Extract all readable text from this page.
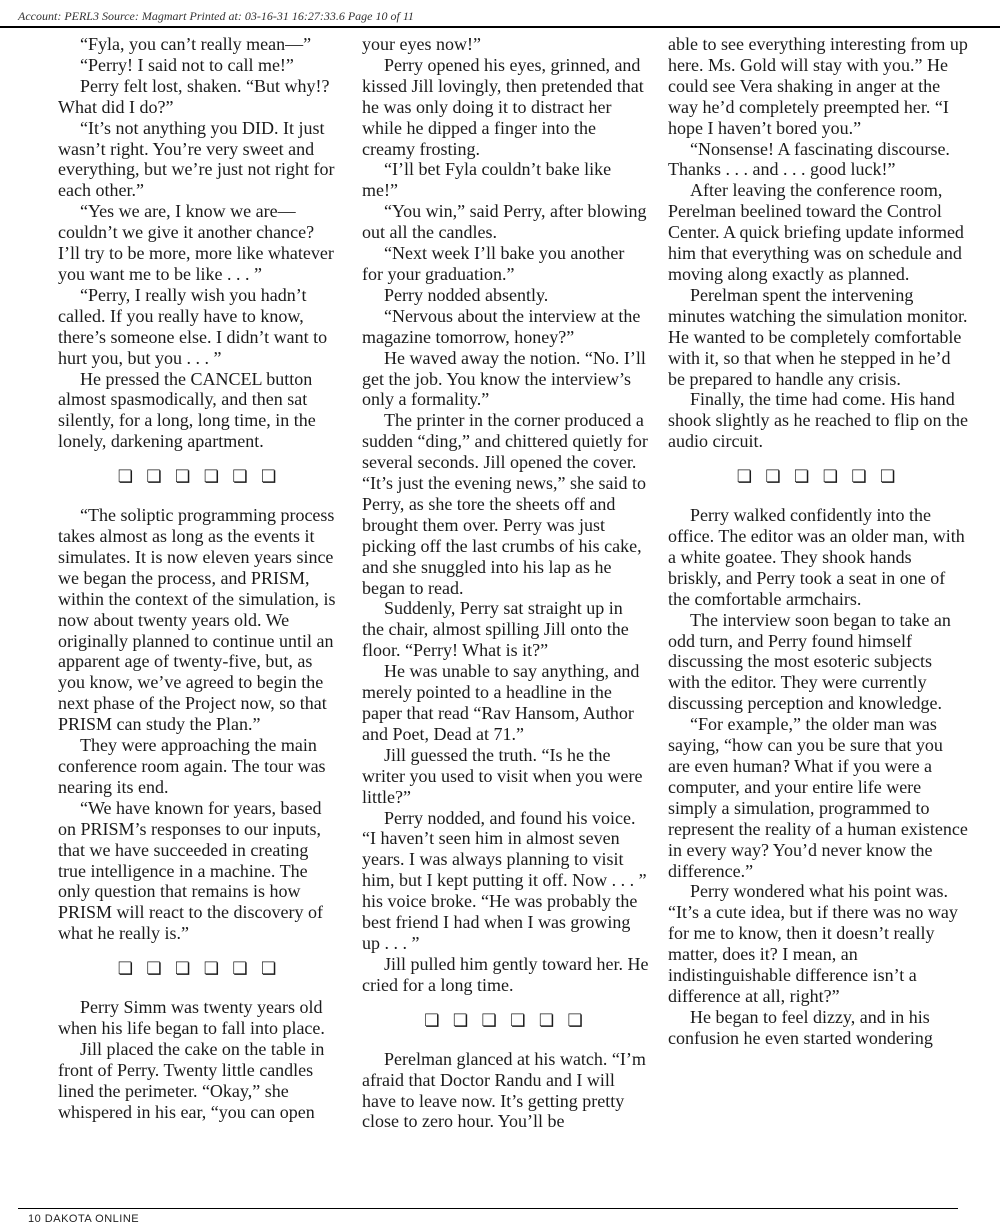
Account: PERL3 Source: Magmart Printed at: 03-16-31 16:27:33.6 Page 10 of 11

“Fyla, you can’t really mean—”

“Perry! I said not to call me!”

Perry felt lost, shaken. “But why!? What did I do?”

“It’s not anything you DID. It just wasn’t right. You’re very sweet and everything, but we’re just not right for each other.”

“Yes we are, I know we are—couldn’t we give it another chance? I’ll try to be more, more like whatever you want me to be like . . . ”

“Perry, I really wish you hadn’t called. If you really have to know, there’s someone else. I didn’t want to hurt you, but you . . . ”

He pressed the CANCEL button almost spasmodically, and then sat silently, for a long, long time, in the lonely, darkening apartment.

❏ ❏ ❏ ❏ ❏ ❏

“The soliptic programming process takes almost as long as the events it simulates. It is now eleven years since we began the process, and PRISM, within the context of the simulation, is now about twenty years old. We originally planned to continue until an apparent age of twenty-five, but, as you know, we’ve agreed to begin the next phase of the Project now, so that PRISM can study the Plan.”

They were approaching the main conference room again. The tour was nearing its end.

“We have known for years, based on PRISM’s responses to our inputs, that we have succeeded in creating true intelligence in a machine. The only question that remains is how PRISM will react to the discovery of what he really is.”

❏ ❏ ❏ ❏ ❏ ❏

Perry Simm was twenty years old when his life began to fall into place.

Jill placed the cake on the table in front of Perry. Twenty little candles lined the perimeter. “Okay,” she whispered in his ear, “you can open

your eyes now!”

Perry opened his eyes, grinned, and kissed Jill lovingly, then pretended that he was only doing it to distract her while he dipped a finger into the creamy frosting.

“I’ll bet Fyla couldn’t bake like me!”

“You win,” said Perry, after blowing out all the candles.

“Next week I’ll bake you another for your graduation.”

Perry nodded absently.

“Nervous about the interview at the magazine tomorrow, honey?”

He waved away the notion. “No. I’ll get the job. You know the interview’s only a formality.”

The printer in the corner produced a sudden “ding,” and chittered quietly for several seconds. Jill opened the cover. “It’s just the evening news,” she said to Perry, as she tore the sheets off and brought them over. Perry was just picking off the last crumbs of his cake, and she snuggled into his lap as he began to read.

Suddenly, Perry sat straight up in the chair, almost spilling Jill onto the floor. “Perry! What is it?”

He was unable to say anything, and merely pointed to a headline in the paper that read “Rav Hansom, Author and Poet, Dead at 71.”

Jill guessed the truth. “Is he the writer you used to visit when you were little?”

Perry nodded, and found his voice. “I haven’t seen him in almost seven years. I was always planning to visit him, but I kept putting it off. Now . . . ” his voice broke. “He was probably the best friend I had when I was growing up . . . ”

Jill pulled him gently toward her. He cried for a long time.

❏ ❏ ❏ ❏ ❏ ❏

Perelman glanced at his watch. “I’m afraid that Doctor Randu and I will have to leave now. It’s getting pretty close to zero hour. You’ll be

able to see everything interesting from up here. Ms. Gold will stay with you.” He could see Vera shaking in anger at the way he’d completely preempted her. “I hope I haven’t bored you.”

“Nonsense! A fascinating discourse. Thanks . . . and . . . good luck!”

After leaving the conference room, Perelman beelined toward the Control Center. A quick briefing update informed him that everything was on schedule and moving along exactly as planned.

Perelman spent the intervening minutes watching the simulation monitor. He wanted to be completely comfortable with it, so that when he stepped in he’d be prepared to handle any crisis.

Finally, the time had come. His hand shook slightly as he reached to flip on the audio circuit.

❏ ❏ ❏ ❏ ❏ ❏

Perry walked confidently into the office. The editor was an older man, with a white goatee. They shook hands briskly, and Perry took a seat in one of the comfortable armchairs.

The interview soon began to take an odd turn, and Perry found himself discussing the most esoteric subjects with the editor. They were currently discussing perception and knowledge.

“For example,” the older man was saying, “how can you be sure that you are even human? What if you were a computer, and your entire life were simply a simulation, programmed to represent the reality of a human existence in every way? You’d never know the difference.”

Perry wondered what his point was. “It’s a cute idea, but if there was no way for me to know, then it doesn’t really matter, does it? I mean, an indistinguishable difference isn’t a difference at all, right?”

He began to feel dizzy, and in his confusion he even started wondering

10 DAKOTA ONLINE
